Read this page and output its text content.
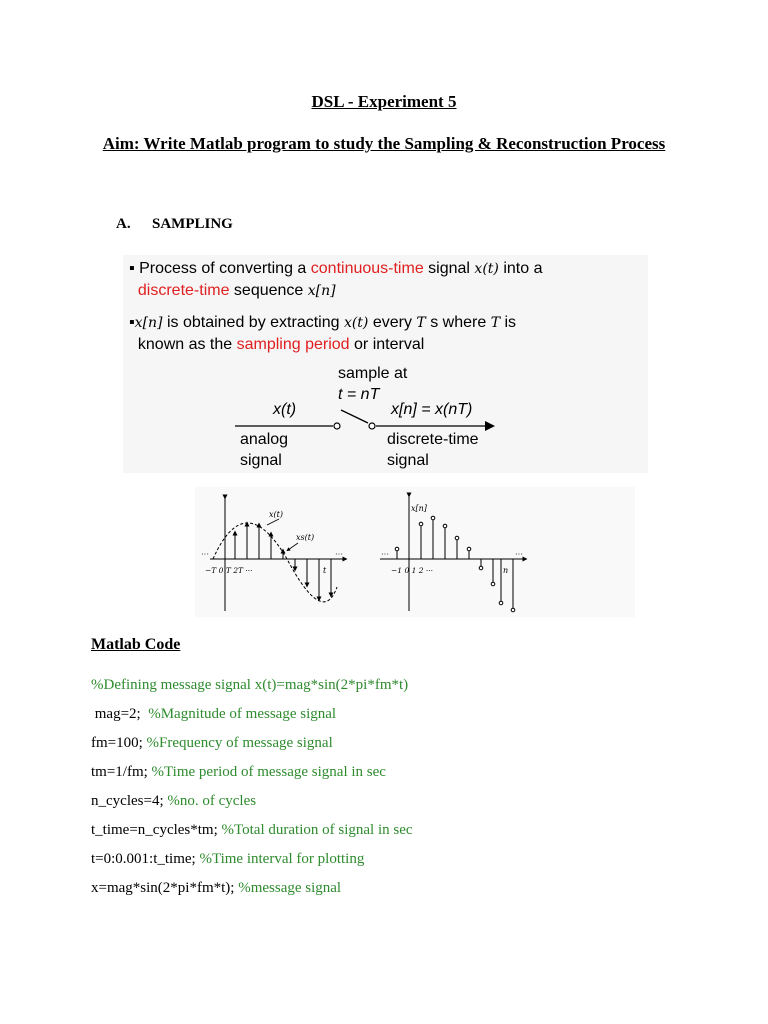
DSL - Experiment 5
Aim: Write Matlab program to study the Sampling & Reconstruction Process
A. SAMPLING
▪ Process of converting a continuous-time signal x(t) into a
discrete-time sequence x[n]
▪x[n] is obtained by extracting x(t) every T s where T is
known as the sampling period or interval
sample at
t = nT
x(t)	x[n] = x(nT)
analog
signal
discrete-time
signal
x(t)
xs(t)
−T 0 T 2T ···	t
···	···
x[n]
−1 0 1 2 ···	n
···	···
Matlab Code
%Defining message signal x(t)=mag*sin(2*pi*fm*t)
mag=2;  %Magnitude of message signal
fm=100; %Frequency of message signal
tm=1/fm; %Time period of message signal in sec
n_cycles=4; %no. of cycles
t_time=n_cycles*tm; %Total duration of signal in sec
t=0:0.001:t_time; %Time interval for plotting
x=mag*sin(2*pi*fm*t); %message signal
